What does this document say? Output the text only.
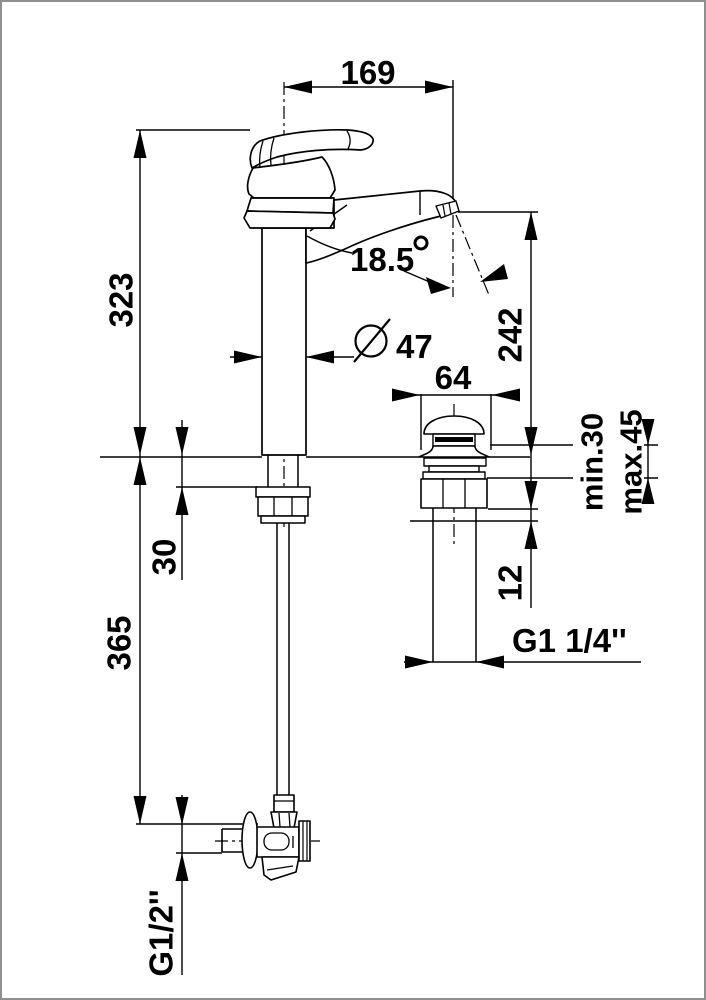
169
323
365
30
18.5
47 242
64
min.30 max.45
12
G1 1/4''
G1/2''
